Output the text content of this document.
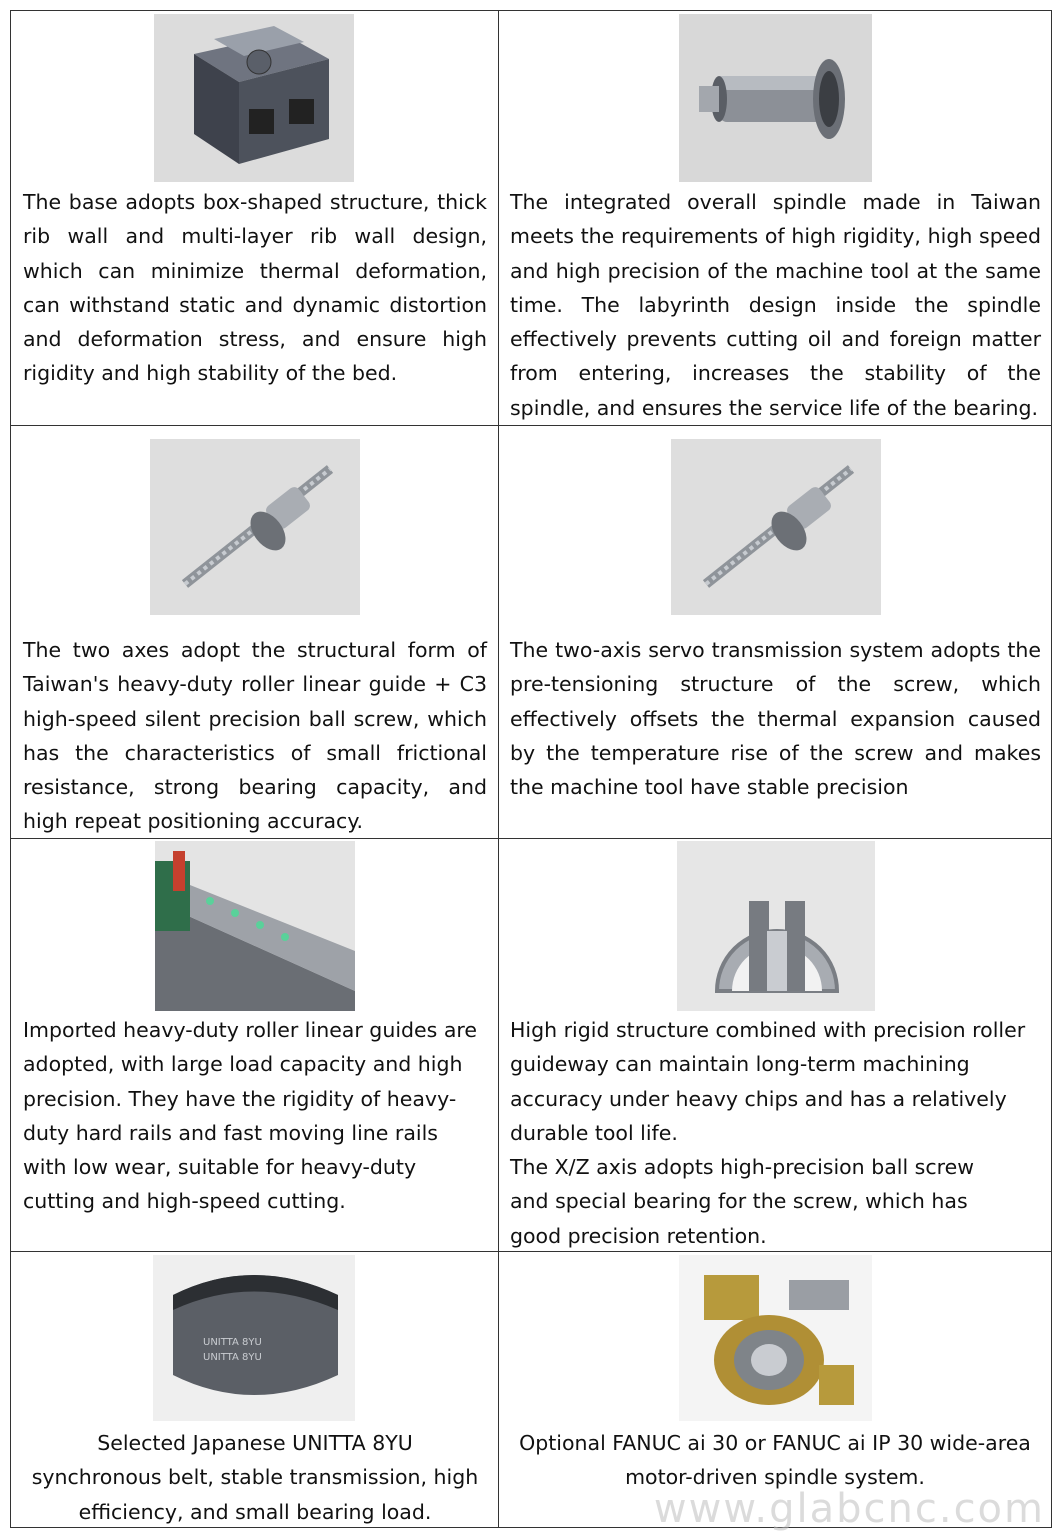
The base adopts box-shaped structure, thick rib wall and multi-layer rib wall design, which can minimize thermal deformation, can withstand static and dynamic distortion and deformation stress, and ensure high rigidity and high stability of the bed.
The integrated overall spindle made in Taiwan meets the requirements of high rigidity, high speed and high precision of the machine tool at the same time. The labyrinth design inside the spindle effectively prevents cutting oil and foreign matter from entering, increases the stability of the spindle, and ensures the service life of the bearing.
The two axes adopt the structural form of Taiwan's heavy-duty roller linear guide + C3 high-speed silent precision ball screw, which has the characteristics of small frictional resistance, strong bearing capacity, and high repeat positioning accuracy.
The two-axis servo transmission system adopts the pre-tensioning structure of the screw, which effectively offsets the thermal expansion caused by the temperature rise of the screw and makes the machine tool have stable precision
Imported heavy-duty roller linear guides are adopted, with large load capacity and high precision. They have the rigidity of heavy-duty hard rails and fast moving line rails with low wear, suitable for heavy-duty cutting and high-speed cutting.
High rigid structure combined with precision roller guideway can maintain long-term machining accuracy under heavy chips and has a relatively durable tool life.
The X/Z axis adopts high-precision ball screw and special bearing for the screw, which has good precision retention.
UNITTA 8YU
UNITTA 8YU
Selected Japanese UNITTA 8YU synchronous belt, stable transmission, high efficiency, and small bearing load.
Optional FANUC ai 30 or FANUC ai IP 30 wide-area motor-driven spindle system.
www.glabcnc.com
